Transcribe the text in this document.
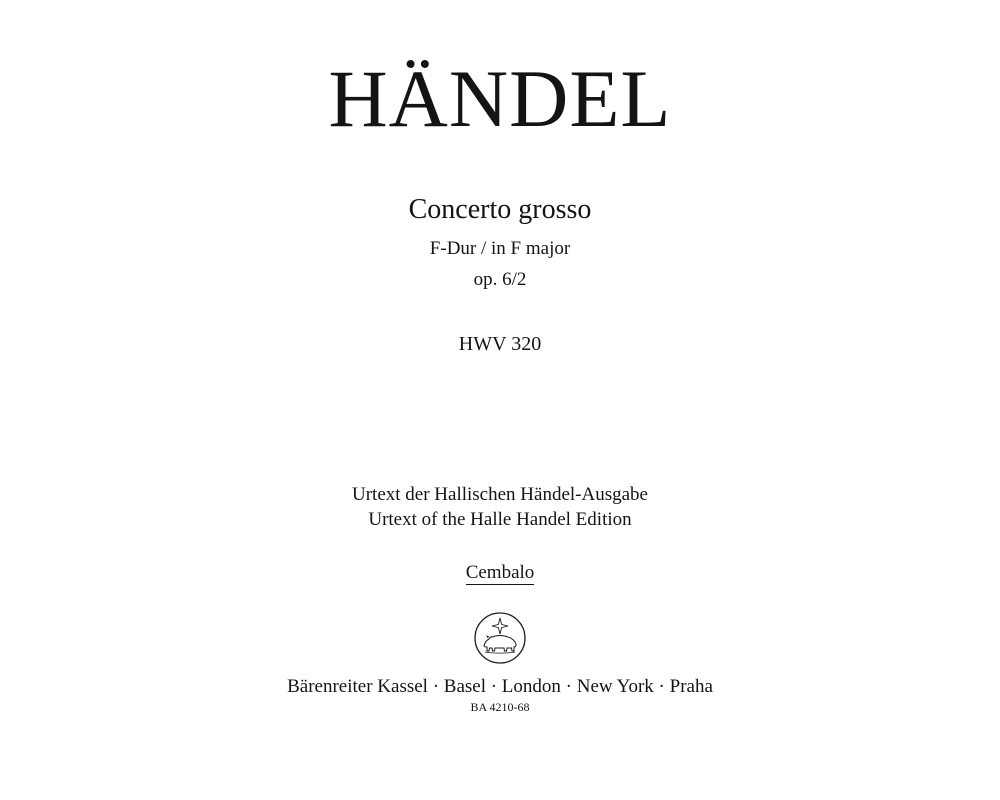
HÄNDEL
Concerto grosso
F-Dur / in F major
op. 6/2
HWV 320
Urtext der Hallischen Händel-Ausgabe
Urtext of the Halle Handel Edition
Cembalo
Bärenreiter Kassel · Basel · London · New York · Praha
BA 4210-68
